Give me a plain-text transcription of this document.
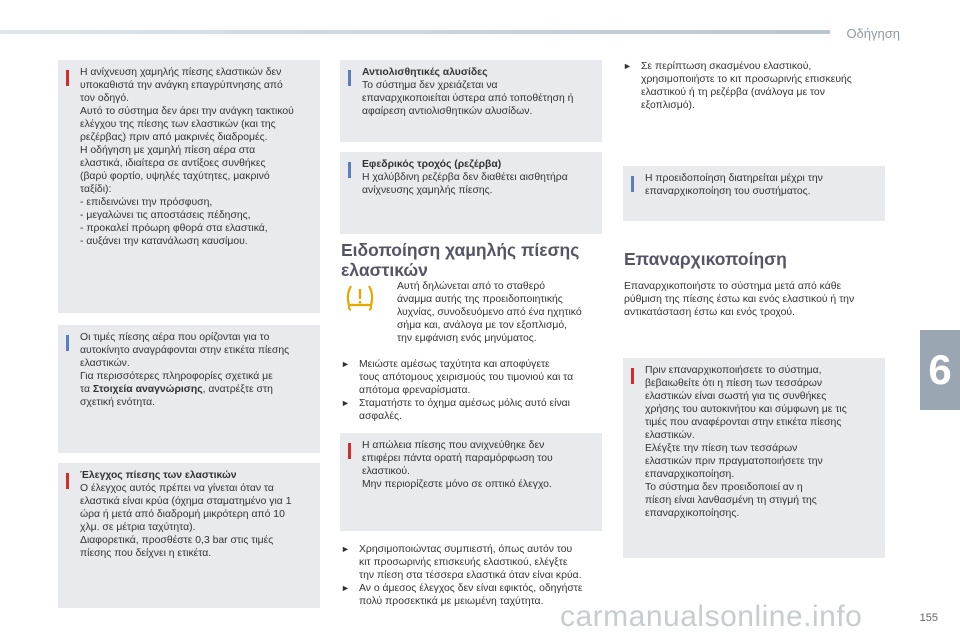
Οδήγηση
6
155
carmanualsonline.info

Η ανίχνευση χαμηλής πίεσης ελαστικών δεν
υποκαθιστά την ανάγκη επαγρύπνησης από
τον οδηγό.
Αυτό το σύστημα δεν άρει την ανάγκη τακτικού
ελέγχου της πίεσης των ελαστικών (και της
ρεζέρβας) πριν από μακρινές διαδρομές.
Η οδήγηση με χαμηλή πίεση αέρα στα
ελαστικά, ιδιαίτερα σε αντίξοες συνθήκες
(βαρύ φορτίο, υψηλές ταχύτητες, μακρινό
ταξίδι):
- επιδεινώνει την πρόσφυση,
- μεγαλώνει τις αποστάσεις πέδησης,
- προκαλεί πρόωρη φθορά στα ελαστικά,
- αυξάνει την κατανάλωση καυσίμου.

Οι τιμές πίεσης αέρα που ορίζονται για το
αυτοκίνητο αναγράφονται στην ετικέτα πίεσης
ελαστικών.
Για περισσότερες πληροφορίες σχετικά με
τα Στοιχεία αναγνώρισης, ανατρέξτε στη
σχετική ενότητα.

Έλεγχος πίεσης των ελαστικών

Ο έλεγχος αυτός πρέπει να γίνεται όταν τα
ελαστικά είναι κρύα (όχημα σταματημένο για 1
ώρα ή μετά από διαδρομή μικρότερη από 10
χλμ. σε μέτρια ταχύτητα).
Διαφορετικά, προσθέστε 0,3 bar στις τιμές
πίεσης που δείχνει η ετικέτα.

Αντιολισθητικές αλυσίδες

Το σύστημα δεν χρειάζεται να
επαναρχικοποιείται ύστερα από τοποθέτηση ή
αφαίρεση αντιολισθητικών αλυσίδων.

Εφεδρικός τροχός (ρεζέρβα)

Η χαλύβδινη ρεζέρβα δεν διαθέτει αισθητήρα
ανίχνευσης χαμηλής πίεσης.

Ειδοποίηση χαμηλής πίεσης
ελαστικών
Αυτή δηλώνεται από το σταθερό
άναμμα αυτής της προειδοποιητικής
λυχνίας, συνοδευόμενο από ένα ηχητικό
σήμα και, ανάλογα με τον εξοπλισμό,
την εμφάνιση ενός μηνύματος.
► Μειώστε αμέσως ταχύτητα και αποφύγετε
τους απότομους χειρισμούς του τιμονιού και τα
απότομα φρεναρίσματα.
► Σταματήστε το όχημα αμέσως μόλις αυτό είναι
ασφαλές.

Η απώλεια πίεσης που ανιχνεύθηκε δεν
επιφέρει πάντα ορατή παραμόρφωση του
ελαστικού.
Μην περιορίζεστε μόνο σε οπτικό έλεγχο.

► Χρησιμοποιώντας συμπιεστή, όπως αυτόν του
κιτ προσωρινής επισκευής ελαστικού, ελέγξτε
την πίεση στα τέσσερα ελαστικά όταν είναι κρύα.
► Αν ο άμεσος έλεγχος δεν είναι εφικτός, οδηγήστε
πολύ προσεκτικά με μειωμένη ταχύτητα.
► Σε περίπτωση σκασμένου ελαστικού,
χρησιμοποιήστε το κιτ προσωρινής επισκευής
ελαστικού ή τη ρεζέρβα (ανάλογα με τον
εξοπλισμό).

Η προειδοποίηση διατηρείται μέχρι την
επαναρχικοποίηση του συστήματος.

Επαναρχικοποίηση
Επαναρχικοποιήστε το σύστημα μετά από κάθε
ρύθμιση της πίεσης έστω και ενός ελαστικού ή την
αντικατάσταση έστω και ενός τροχού.

Πριν επαναρχικοποιήσετε το σύστημα,
βεβαιωθείτε ότι η πίεση των τεσσάρων
ελαστικών είναι σωστή για τις συνθήκες
χρήσης του αυτοκινήτου και σύμφωνη με τις
τιμές που αναφέρονται στην ετικέτα πίεσης
ελαστικών.
Ελέγξτε την πίεση των τεσσάρων
ελαστικών πριν πραγματοποιήσετε την
επαναρχικοποίηση.
Το σύστημα δεν προειδοποιεί αν η
πίεση είναι λανθασμένη τη στιγμή της
επαναρχικοποίησης.
